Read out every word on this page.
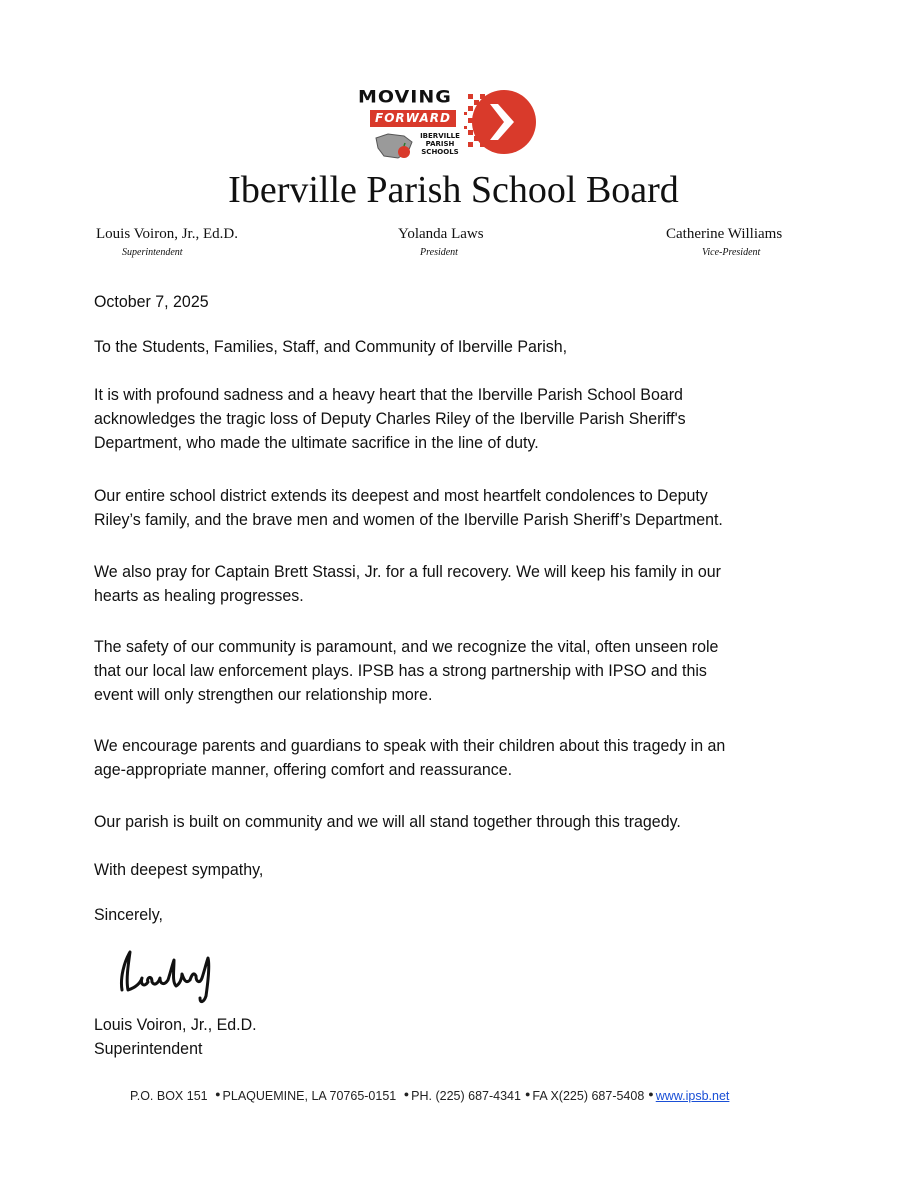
MOVING
FORWARD
IBERVILLE
PARISH
SCHOOLS
Iberville Parish School Board
Louis Voiron, Jr., Ed.D.
Superintendent
Yolanda Laws
President
Catherine Williams
Vice-President
October 7, 2025
To the Students, Families, Staff, and Community of Iberville Parish,
It is with profound sadness and a heavy heart that the Iberville Parish School Board
acknowledges the tragic loss of Deputy Charles Riley of the Iberville Parish Sheriff's
Department, who made the ultimate sacrifice in the line of duty.
Our entire school district extends its deepest and most heartfelt condolences to Deputy
Riley’s family, and the brave men and women of the Iberville Parish Sheriff’s Department.
We also pray for Captain Brett Stassi, Jr. for a full recovery. We will keep his family in our
hearts as healing progresses.
The safety of our community is paramount, and we recognize the vital, often unseen role
that our local law enforcement plays. IPSB has a strong partnership with IPSO and this
event will only strengthen our relationship more.
We encourage parents and guardians to speak with their children about this tragedy in an
age-appropriate manner, offering comfort and reassurance.
Our parish is built on community and we will all stand together through this tragedy.
With deepest sympathy,
Sincerely,
Louis Voiron, Jr., Ed.D.
Superintendent
P.O. BOX 151 ● PLAQUEMINE, LA 70765-0151 ● PH. (225) 687-4341 ● FA X(225) 687-5408 ● www.ipsb.net
